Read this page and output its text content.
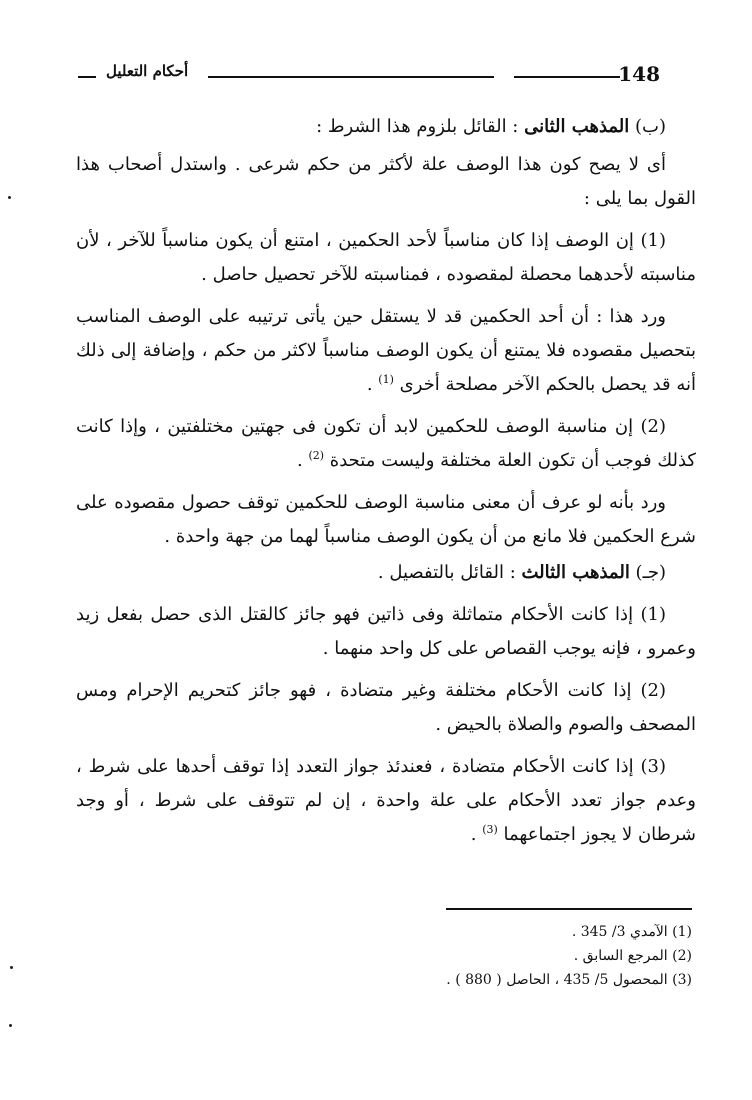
148
أحكام التعليل

(ب) المذهب الثانى : القائل بلزوم هذا الشرط :

أى لا يصح كون هذا الوصف علة لأكثر من حكم شرعى . واستدل أصحاب هذا القول بما يلى :

(1) إن الوصف إذا كان مناسباً لأحد الحكمين ، امتنع أن يكون مناسباً للآخر ، لأن مناسبته لأحدهما محصلة لمقصوده ، فمناسبته للآخر تحصيل حاصل .

ورد هذا : أن أحد الحكمين قد لا يستقل حين يأتى ترتيبه على الوصف المناسب بتحصيل مقصوده فلا يمتنع أن يكون الوصف مناسباً لاكثر من حكم ، وإضافة إلى ذلك أنه قد يحصل بالحكم الآخر مصلحة أخرى $^{(1)}$ .

(2) إن مناسبة الوصف للحكمين لابد أن تكون فى جهتين مختلفتين ، وإذا كانت كذلك فوجب أن تكون العلة مختلفة وليست متحدة $^{(2)}$ .

ورد بأنه لو عرف أن معنى مناسبة الوصف للحكمين توقف حصول مقصوده على شرع الحكمين فلا مانع من أن يكون الوصف مناسباً لهما من جهة واحدة .

(جـ) المذهب الثالث : القائل بالتفصيل .

(1) إذا كانت الأحكام متماثلة وفى ذاتين فهو جائز كالقتل الذى حصل بفعل زيد وعمرو ، فإنه يوجب القصاص على كل واحد منهما .

(2) إذا كانت الأحكام مختلفة وغير متضادة ، فهو جائز كتحريم الإحرام ومس المصحف والصوم والصلاة بالحيض .

(3) إذا كانت الأحكام متضادة ، فعندئذ جواز التعدد إذا توقف أحدها على شرط ، وعدم جواز تعدد الأحكام على علة واحدة ، إن لم تتوقف على شرط ، أو وجد شرطان لا يجوز اجتماعهما $^{(3)}$ .

(1) الآمدي 3/ 345 .
(2) المرجع السابق .
(3) المحصول 5/ 435 ، الحاصل ( 880 ) .
